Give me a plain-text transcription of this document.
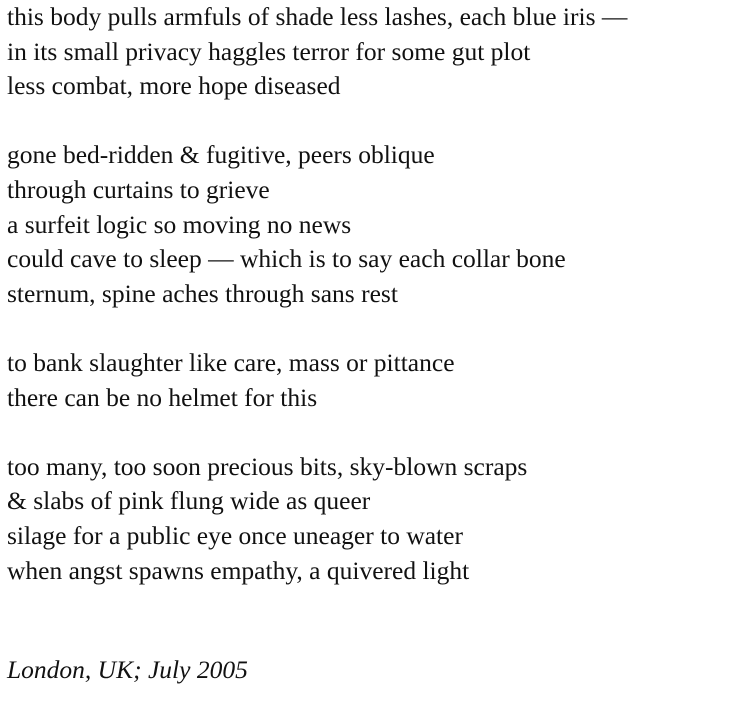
this body pulls armfuls of shade less lashes, each blue iris —
in its small privacy haggles terror for some gut plot
less combat, more hope diseased
gone bed-ridden & fugitive, peers oblique
through curtains to grieve
a surfeit logic so moving no news
could cave to sleep — which is to say each collar bone
sternum, spine aches through sans rest
to bank slaughter like care, mass or pittance
there can be no helmet for this
too many, too soon precious bits, sky-blown scraps
& slabs of pink flung wide as queer
silage for a public eye once uneager to water
when angst spawns empathy, a quivered light
London, UK; July 2005
